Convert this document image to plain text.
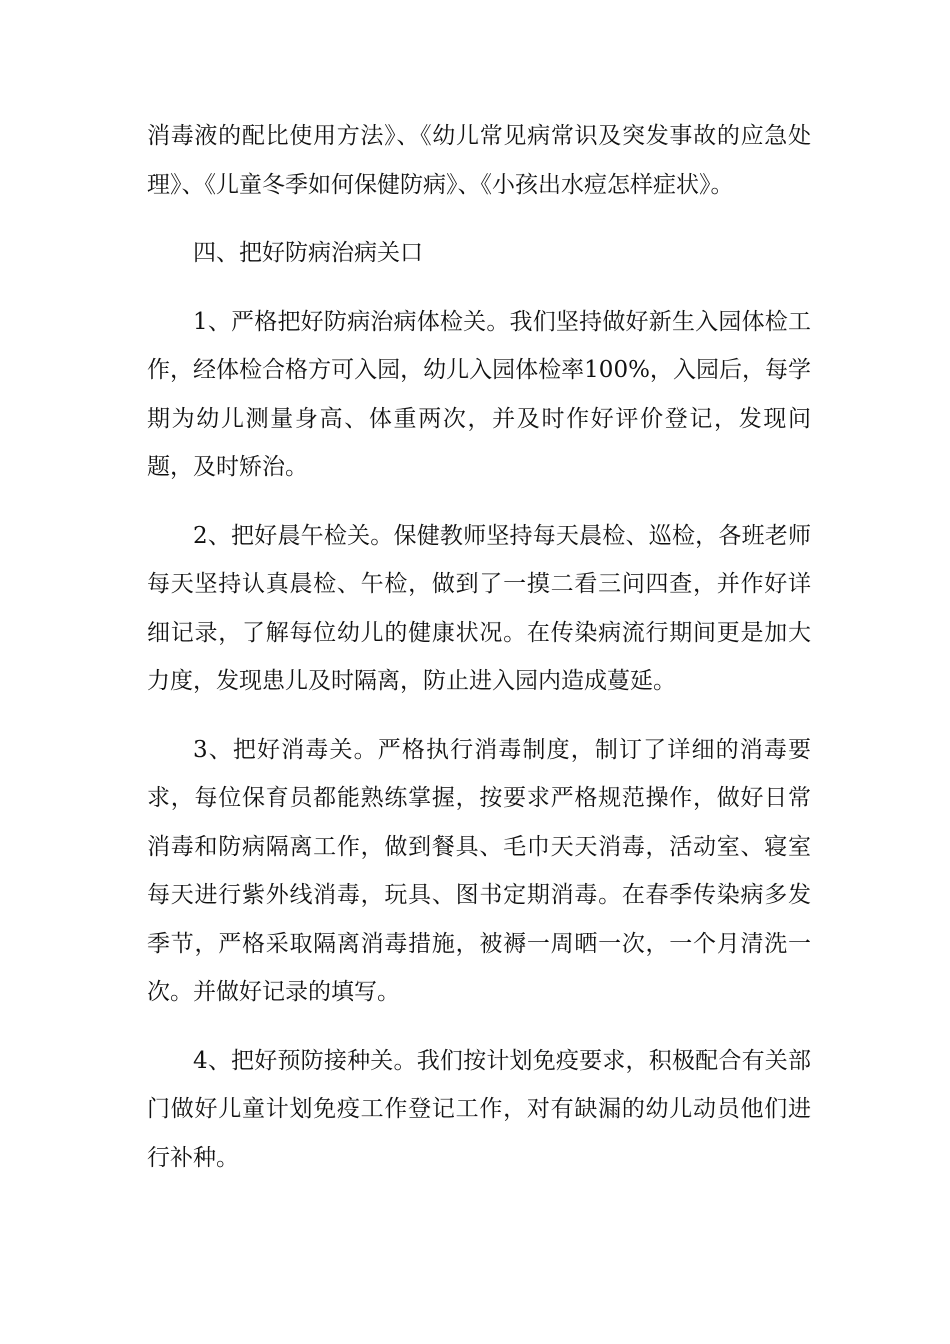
消毒液的配比使用方法》、《幼儿常见病常识及突发事故的应急处理》、《儿童冬季如何保健防病》、《小孩出水痘怎样症状》。

四、把好防病治病关口

1、严格把好防病治病体检关。我们坚持做好新生入园体检工作，经体检合格方可入园，幼儿入园体检率100%，入园后，每学期为幼儿测量身高、体重两次，并及时作好评价登记，发现问题，及时矫治。

2、把好晨午检关。保健教师坚持每天晨检、巡检，各班老师每天坚持认真晨检、午检，做到了一摸二看三问四查，并作好详细记录，了解每位幼儿的健康状况。在传染病流行期间更是加大力度，发现患儿及时隔离，防止进入园内造成蔓延。

3、把好消毒关。严格执行消毒制度，制订了详细的消毒要求，每位保育员都能熟练掌握，按要求严格规范操作，做好日常消毒和防病隔离工作，做到餐具、毛巾天天消毒，活动室、寝室每天进行紫外线消毒，玩具、图书定期消毒。在春季传染病多发季节，严格采取隔离消毒措施，被褥一周晒一次，一个月清洗一次。并做好记录的填写。

4、把好预防接种关。我们按计划免疫要求，积极配合有关部门做好儿童计划免疫工作登记工作，对有缺漏的幼儿动员他们进行补种。
